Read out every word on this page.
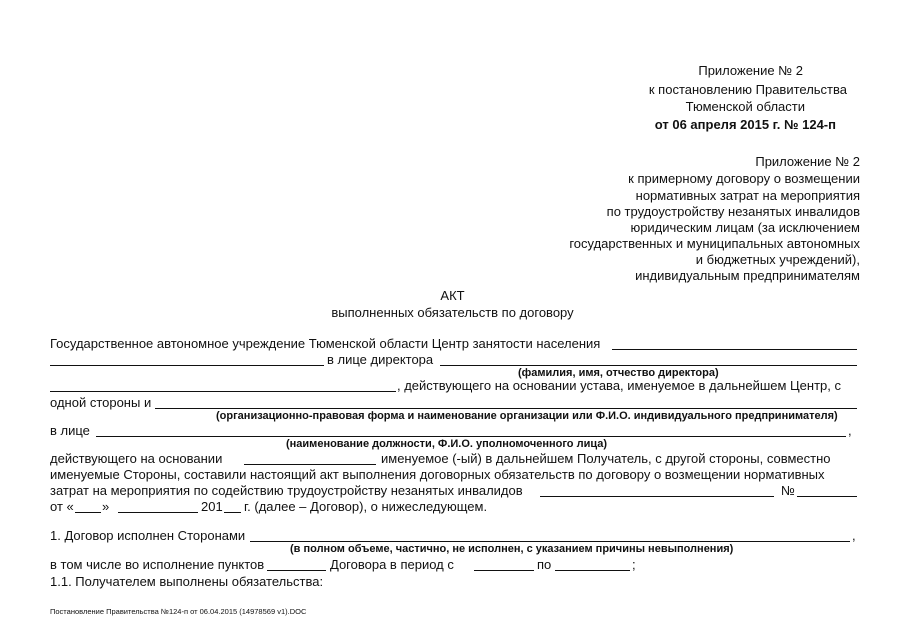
Приложение № 2
к постановлению Правительства
Тюменской области
от 06 апреля 2015 г. № 124-п
Приложение № 2
к примерному договору о возмещении
нормативных затрат на мероприятия
по трудоустройству незанятых инвалидов
юридическим лицам (за исключением
государственных и муниципальных автономных
и бюджетных учреждений),
индивидуальным предпринимателям
АКТ
выполненных обязательств по договору
Государственное автономное учреждение Тюменской области Центр занятости населения
в лице директора
(фамилия, имя, отчество директора)
, действующего на основании устава, именуемое в дальнейшем Центр, с
одной стороны и
(организационно-правовая форма и наименование организации или Ф.И.О. индивидуального предпринимателя)
в лице	,
(наименование должности, Ф.И.О. уполномоченного лица)
действующего на основании	именуемое (-ый) в дальнейшем Получатель, с другой стороны, совместно
именуемые Стороны, составили настоящий акт выполнения договорных обязательств по договору о возмещении нормативных
затрат на мероприятия по содействию трудоустройству незанятых инвалидов	№
от « »	201 г. (далее – Договор), о нижеследующем.
1. Договор исполнен Сторонами	,
(в полном объеме, частично, не исполнен, с указанием причины невыполнения)
в том числе во исполнение пунктов	Договора в период с	по	;
1.1. Получателем выполнены обязательства:
Постановление Правительства №124-п от 06.04.2015 (14978569 v1).DOC
